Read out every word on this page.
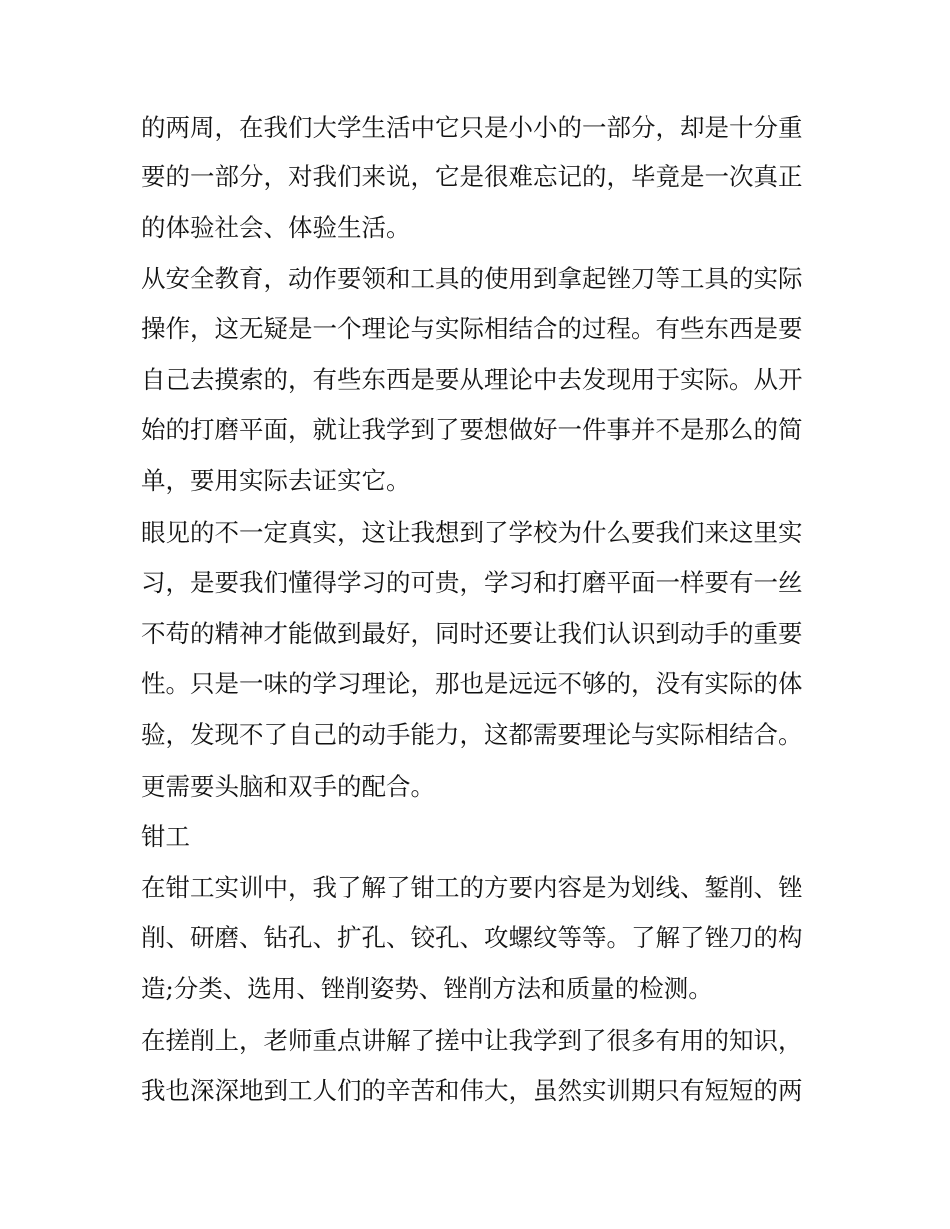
的两周，在我们大学生活中它只是小小的一部分，却是十分重
要的一部分，对我们来说，它是很难忘记的，毕竟是一次真正
的体验社会、体验生活。
从安全教育，动作要领和工具的使用到拿起锉刀等工具的实际
操作，这无疑是一个理论与实际相结合的过程。有些东西是要
自己去摸索的，有些东西是要从理论中去发现用于实际。从开
始的打磨平面，就让我学到了要想做好一件事并不是那么的简
单，要用实际去证实它。
眼见的不一定真实，这让我想到了学校为什么要我们来这里实
习，是要我们懂得学习的可贵，学习和打磨平面一样要有一丝
不苟的精神才能做到最好，同时还要让我们认识到动手的重要
性。只是一味的学习理论，那也是远远不够的，没有实际的体
验，发现不了自己的动手能力，这都需要理论与实际相结合。
更需要头脑和双手的配合。
钳工
在钳工实训中，我了解了钳工的方要内容是为划线、錾削、锉
削、研磨、钻孔、扩孔、铰孔、攻螺纹等等。了解了锉刀的构
造;分类、选用、锉削姿势、锉削方法和质量的检测。
在搓削上，老师重点讲解了搓中让我学到了很多有用的知识，
我也深深地到工人们的辛苦和伟大，虽然实训期只有短短的两
